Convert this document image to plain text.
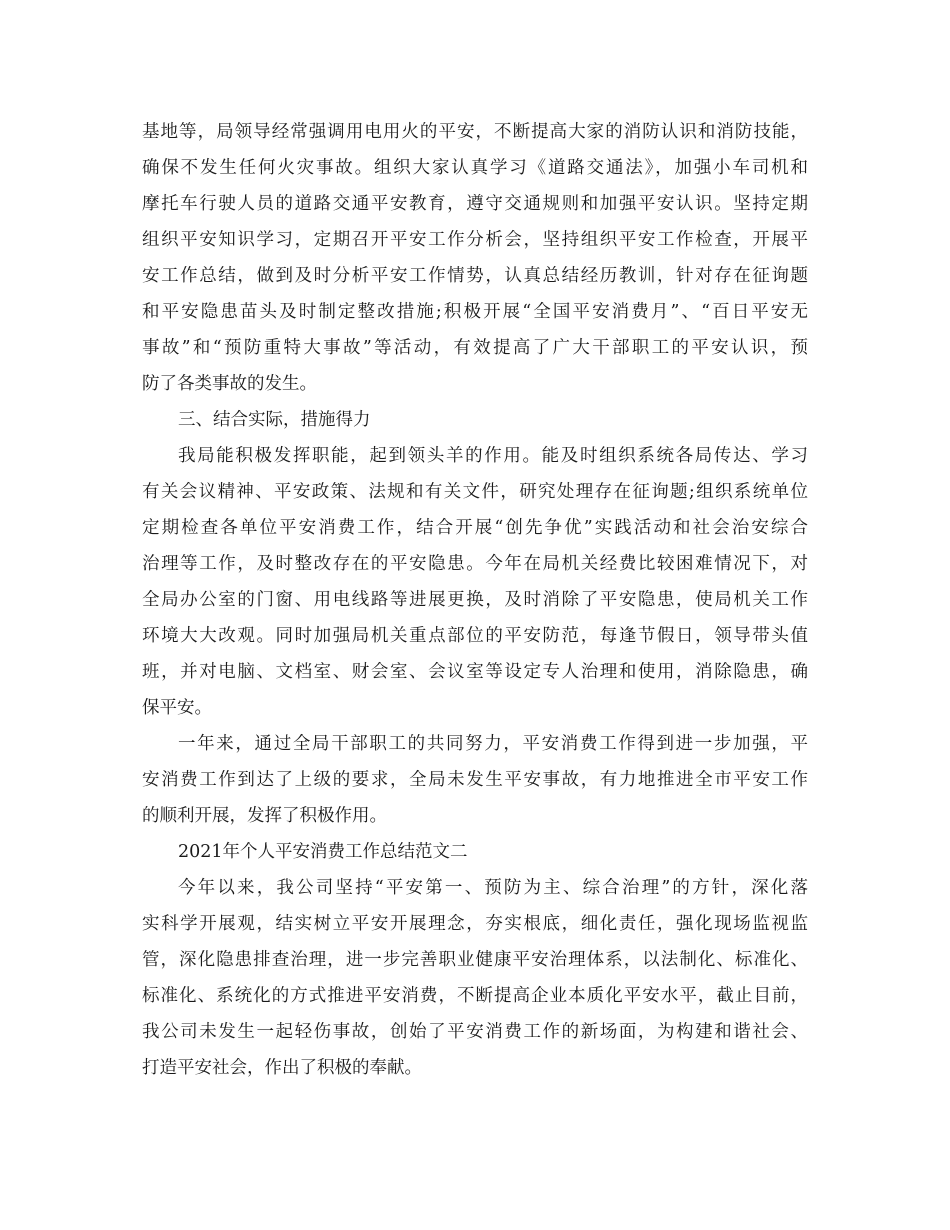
基地等，局领导经常强调用电用火的平安，不断提高大家的消防认识和消防技能，
确保不发生任何火灾事故。组织大家认真学习《道路交通法》，加强小车司机和
摩托车行驶人员的道路交通平安教育，遵守交通规则和加强平安认识。坚持定期
组织平安知识学习，定期召开平安工作分析会，坚持组织平安工作检查，开展平
安工作总结，做到及时分析平安工作情势，认真总结经历教训，针对存在征询题
和平安隐患苗头及时制定整改措施;积极开展“全国平安消费月”、“百日平安无
事故”和“预防重特大事故”等活动，有效提高了广大干部职工的平安认识，预
防了各类事故的发生。
三、结合实际，措施得力
我局能积极发挥职能，起到领头羊的作用。能及时组织系统各局传达、学习
有关会议精神、平安政策、法规和有关文件，研究处理存在征询题;组织系统单位
定期检查各单位平安消费工作，结合开展“创先争优”实践活动和社会治安综合
治理等工作，及时整改存在的平安隐患。今年在局机关经费比较困难情况下，对
全局办公室的门窗、用电线路等进展更换，及时消除了平安隐患，使局机关工作
环境大大改观。同时加强局机关重点部位的平安防范，每逢节假日，领导带头值
班，并对电脑、文档室、财会室、会议室等设定专人治理和使用，消除隐患，确
保平安。
一年来，通过全局干部职工的共同努力，平安消费工作得到进一步加强，平
安消费工作到达了上级的要求，全局未发生平安事故，有力地推进全市平安工作
的顺利开展，发挥了积极作用。
2021年个人平安消费工作总结范文二
今年以来，我公司坚持“平安第一、预防为主、综合治理”的方针，深化落
实科学开展观，结实树立平安开展理念，夯实根底，细化责任，强化现场监视监
管，深化隐患排查治理，进一步完善职业健康平安治理体系，以法制化、标准化、
标准化、系统化的方式推进平安消费，不断提高企业本质化平安水平，截止目前，
我公司未发生一起轻伤事故，创始了平安消费工作的新场面，为构建和谐社会、
打造平安社会，作出了积极的奉献。
